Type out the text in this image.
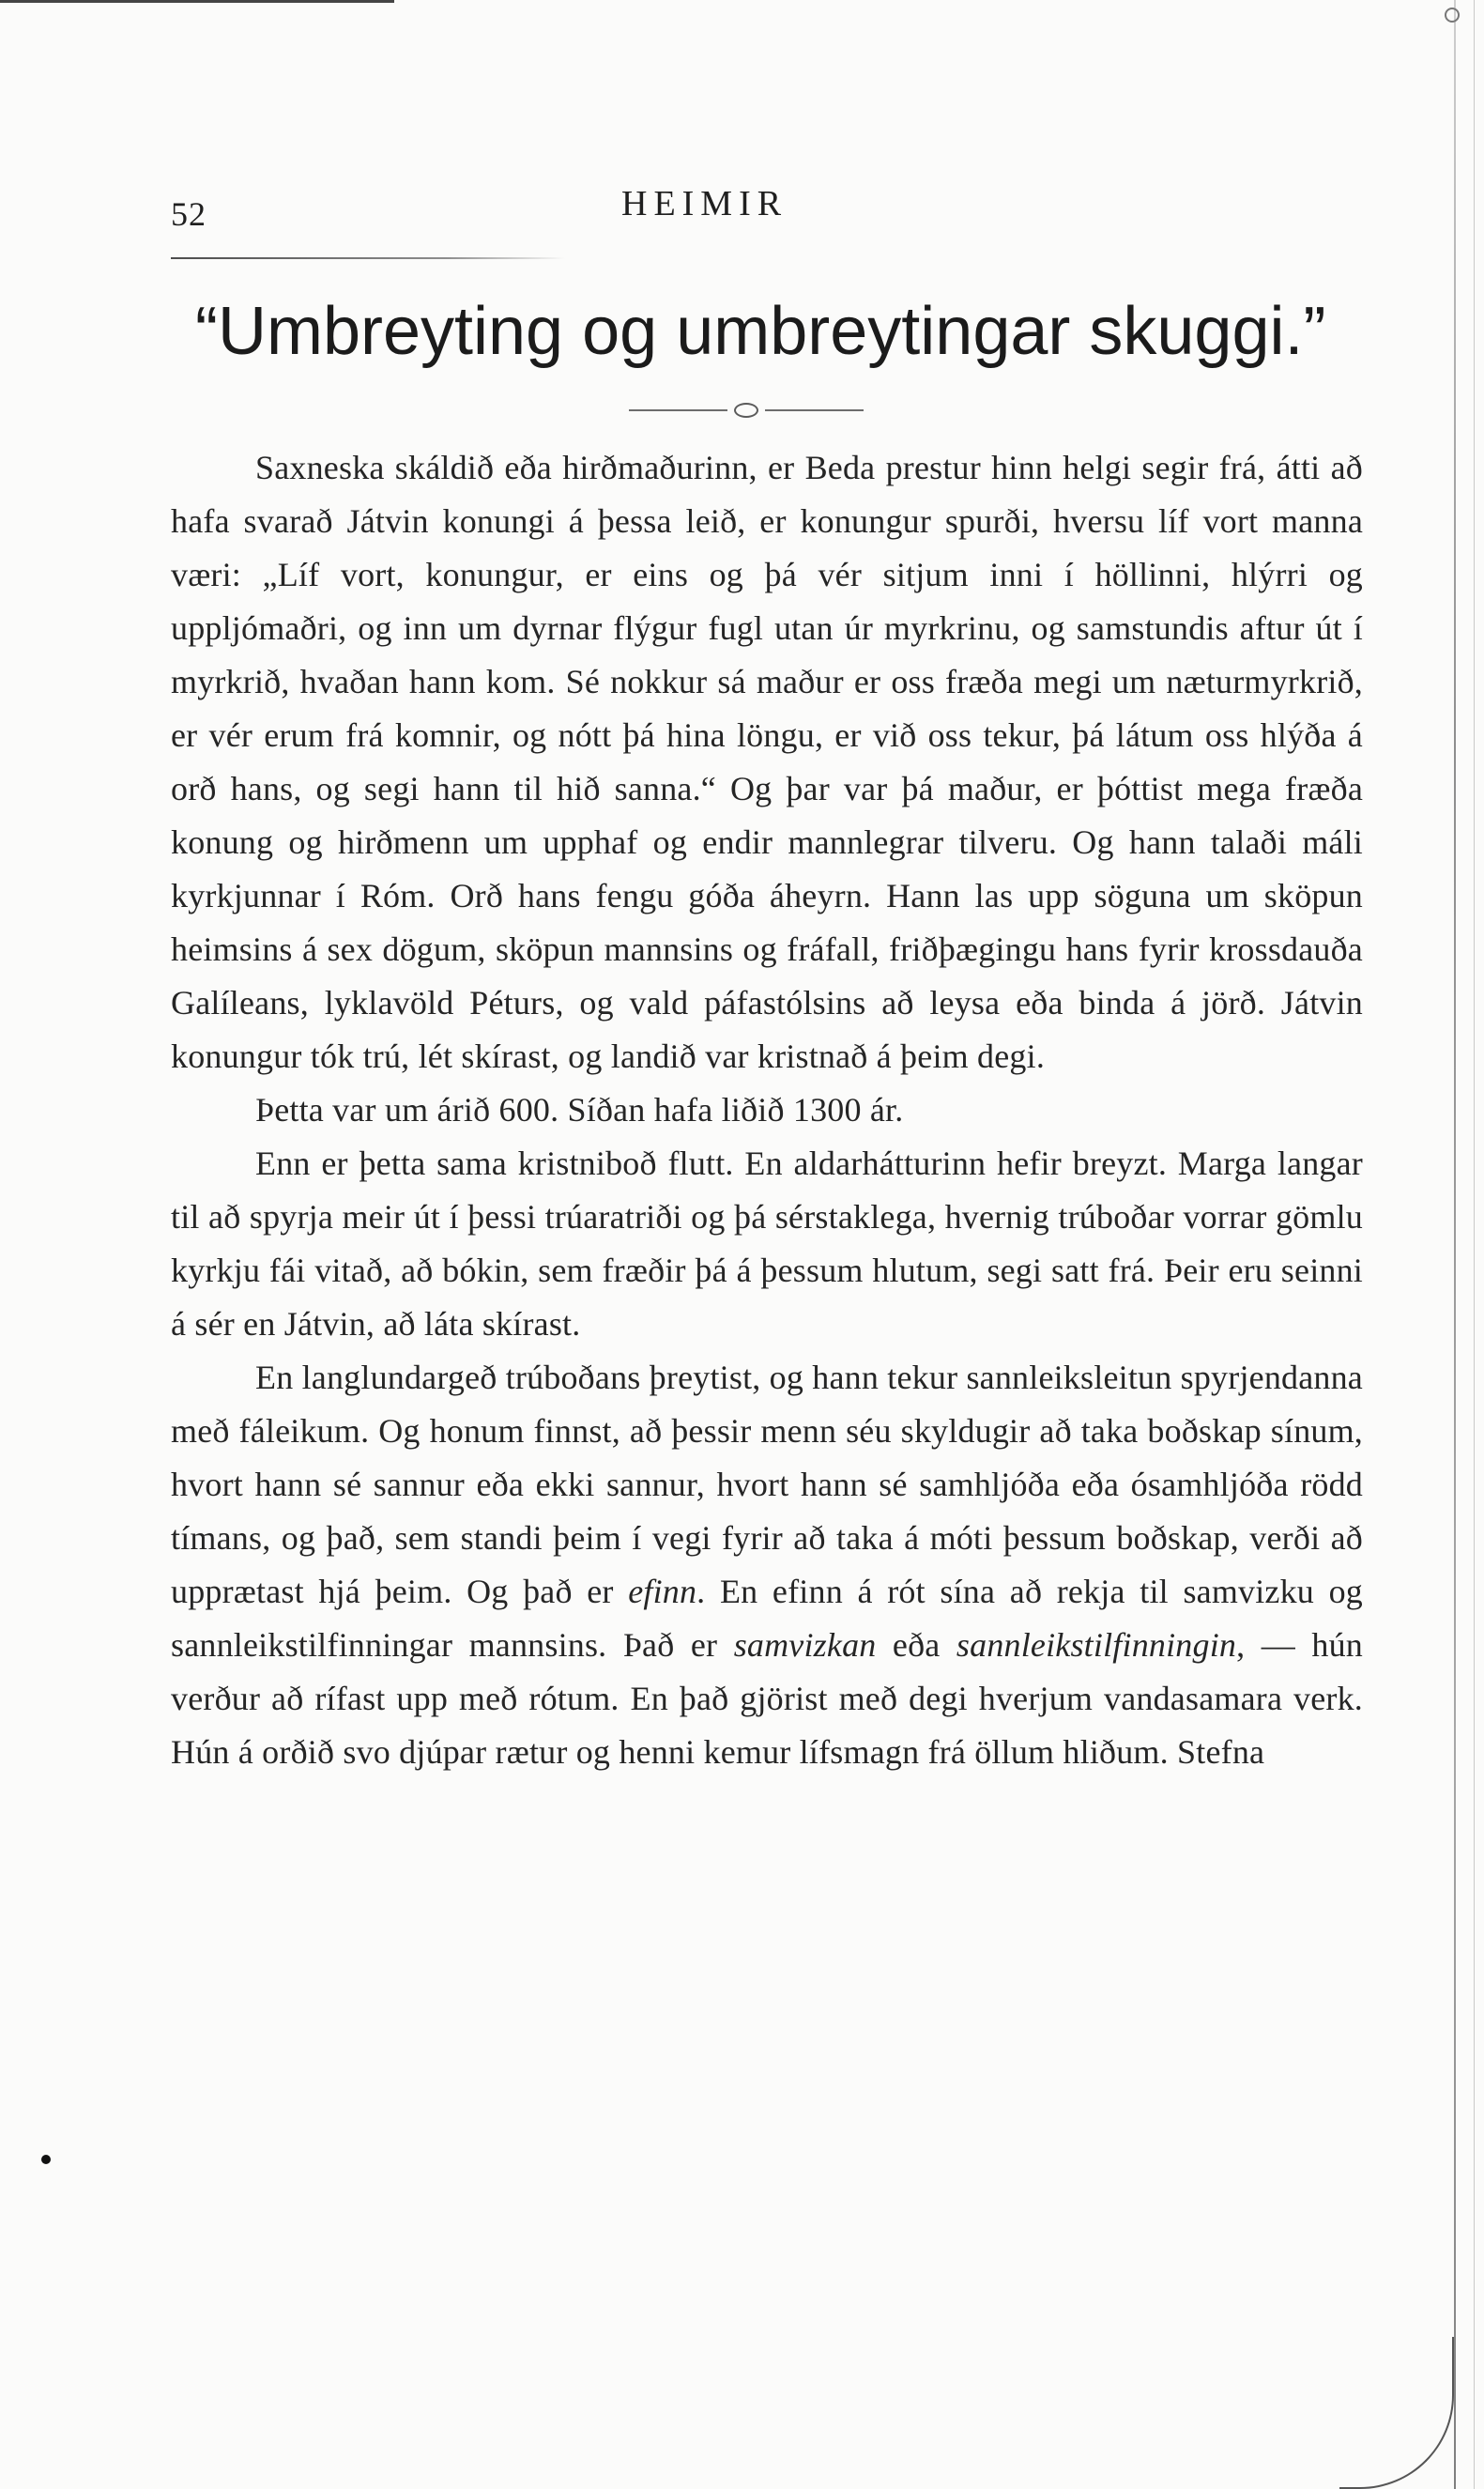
52	HEIMIR
“Umbreyting og umbreytingar skuggi.”

Saxneska skáldið eða hirðmaðurinn, er Beda prestur hinn helgi segir frá, átti að hafa svarað Játvin konungi á þessa leið, er konungur spurði, hversu líf vort manna væri: „Líf vort, konungur, er eins og þá vér sitjum inni í höllinni, hlýrri og uppljómaðri, og inn um dyrnar flýgur fugl utan úr myrkrinu, og samstundis aftur út í myrkrið, hvaðan hann kom. Sé nokkur sá maður er oss fræða megi um næturmyrkrið, er vér erum frá komnir, og nótt þá hina löngu, er við oss tekur, þá látum oss hlýða á orð hans, og segi hann til hið sanna.“ Og þar var þá maður, er þóttist mega fræða konung og hirðmenn um upphaf og endir mannlegrar tilveru. Og hann talaði máli kyrkjunnar í Róm. Orð hans fengu góða áheyrn. Hann las upp söguna um sköpun heimsins á sex dögum, sköpun mannsins og fráfall, friðþægingu hans fyrir krossdauða Galíleans, lyklavöld Péturs, og vald páfastólsins að leysa eða binda á jörð. Játvin konungur tók trú, lét skírast, og landið var kristnað á þeim degi.

Þetta var um árið 600. Síðan hafa liðið 1300 ár.

Enn er þetta sama kristniboð flutt. En aldarhátturinn hefir breyzt. Marga langar til að spyrja meir út í þessi trúaratriði og þá sérstaklega, hvernig trúboðar vorrar gömlu kyrkju fái vitað, að bókin, sem fræðir þá á þessum hlutum, segi satt frá. Þeir eru seinni á sér en Játvin, að láta skírast.

En langlundargeð trúboðans þreytist, og hann tekur sannleiksleitun spyrjendanna með fáleikum. Og honum finnst, að þessir menn séu skyldugir að taka boðskap sínum, hvort hann sé sannur eða ekki sannur, hvort hann sé samhljóða eða ósamhljóða rödd tímans, og það, sem standi þeim í vegi fyrir að taka á móti þessum boðskap, verði að upprætast hjá þeim. Og það er efinn. En efinn á rót sína að rekja til samvizku og sannleikstilfinningar mannsins. Það er samvizkan eða sannleikstilfinningin, — hún verður að rífast upp með rótum. En það gjörist með degi hverjum vandasamara verk. Hún á orðið svo djúpar rætur og henni kemur lífsmagn frá öllum hliðum. Stefna
